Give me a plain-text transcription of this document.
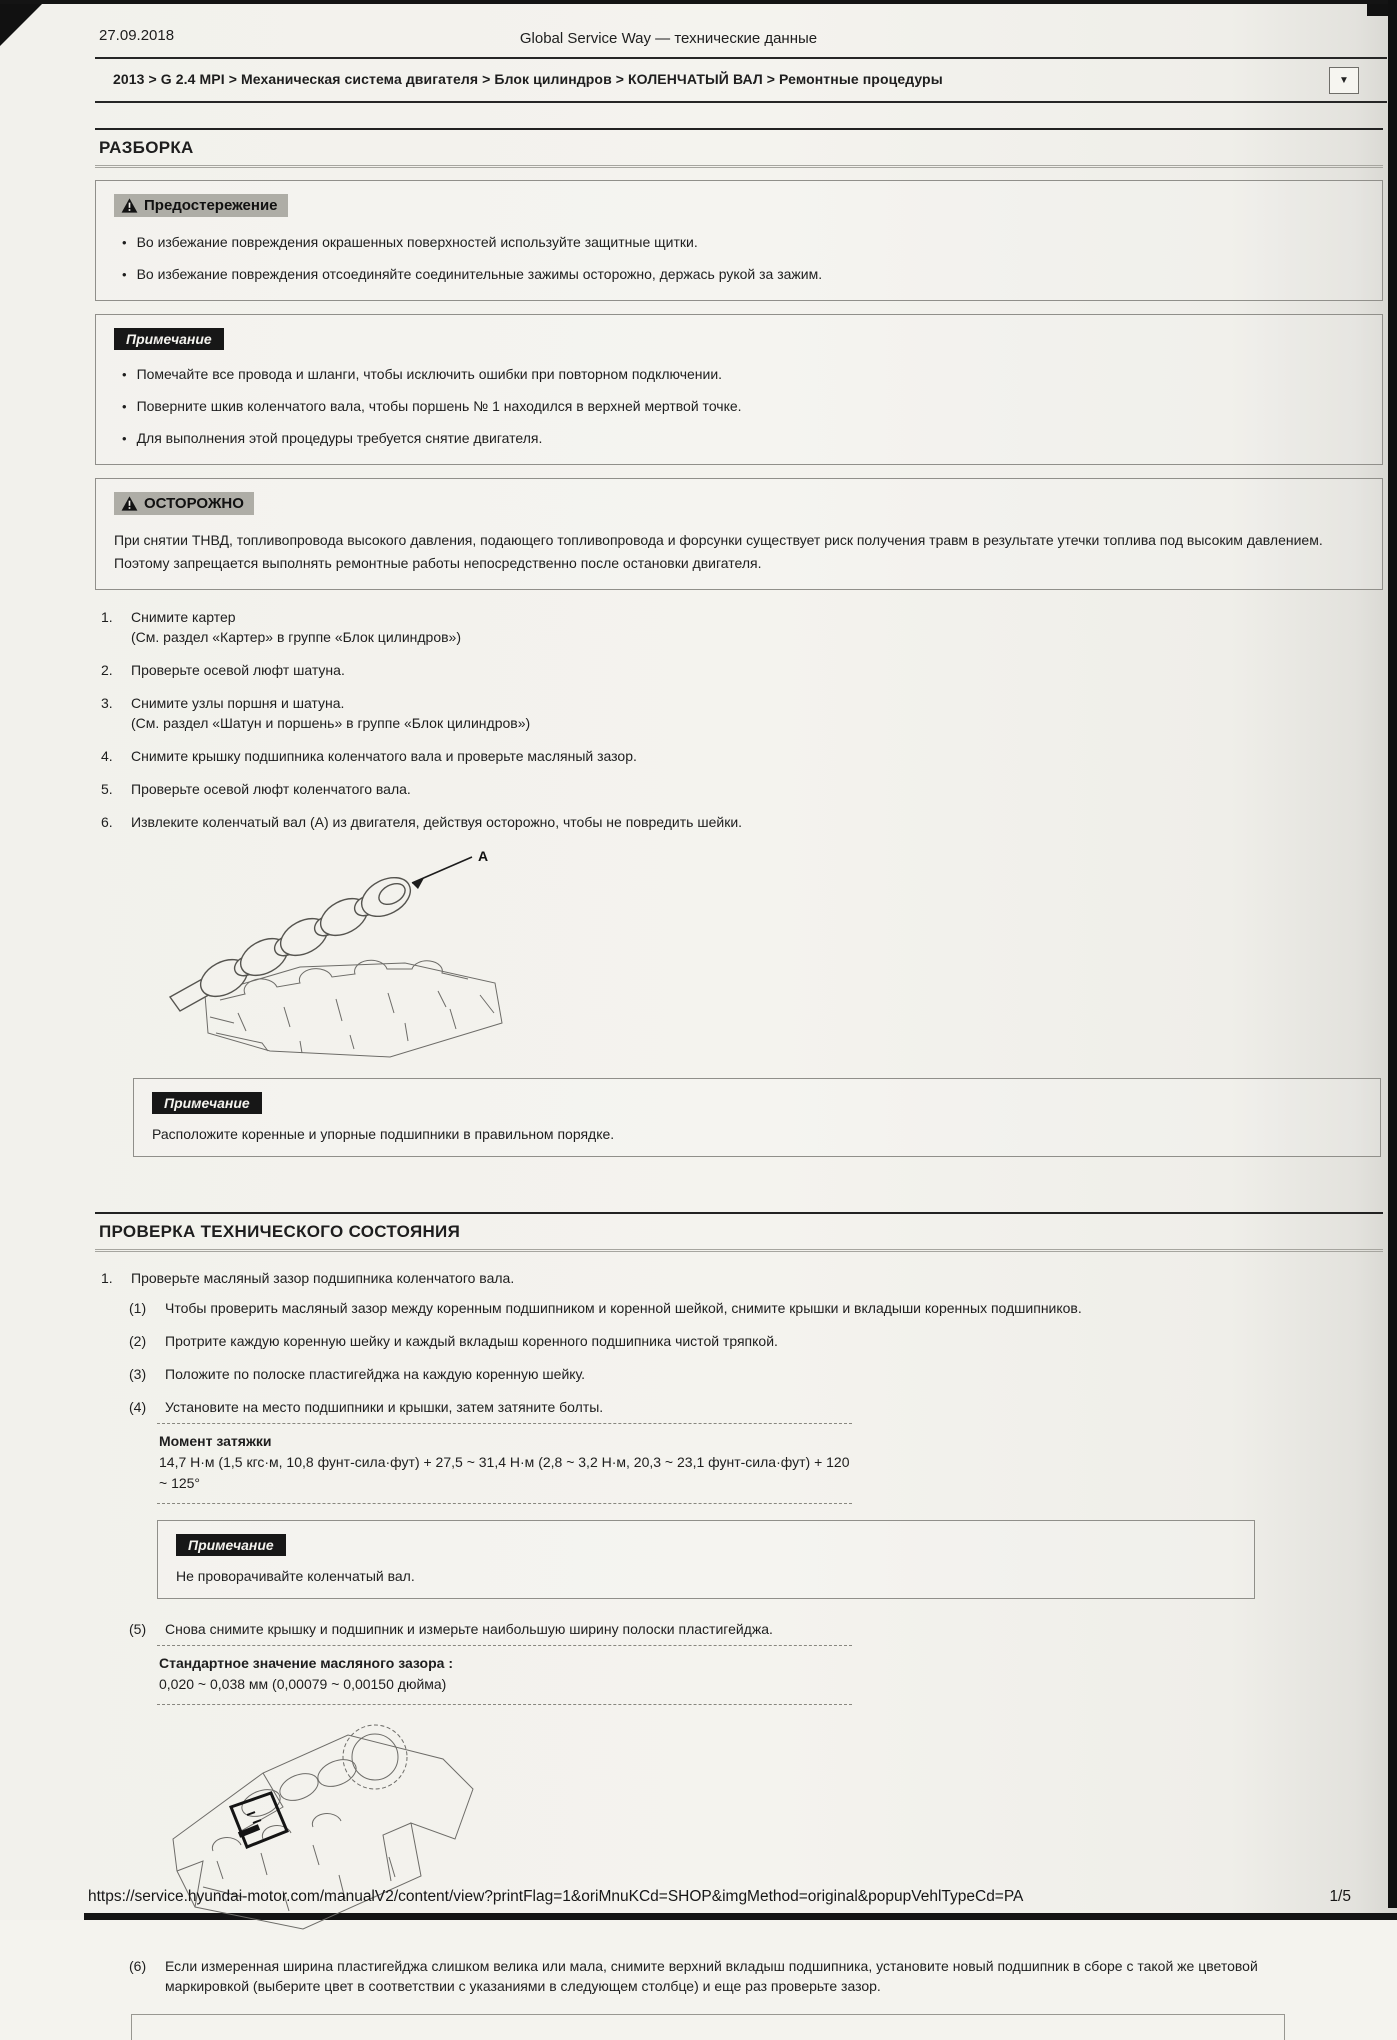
27.09.2018	Global Service Way — технические данные
2013 > G 2.4 MPI > Механическая система двигателя > Блок цилиндров > КОЛЕНЧАТЫЙ ВАЛ > Ремонтные процедуры	▼
РАЗБОРКА
Предостережение
• Во избежание повреждения окрашенных поверхностей используйте защитные щитки.
• Во избежание повреждения отсоединяйте соединительные зажимы осторожно, держась рукой за зажим.
Примечание
• Помечайте все провода и шланги, чтобы исключить ошибки при повторном подключении.
• Поверните шкив коленчатого вала, чтобы поршень № 1 находился в верхней мертвой точке.
• Для выполнения этой процедуры требуется снятие двигателя.
ОСТОРОЖНО
При снятии ТНВД, топливопровода высокого давления, подающего топливопровода и форсунки существует риск получения травм в результате утечки топлива под высоким давлением. Поэтому запрещается выполнять ремонтные работы непосредственно после остановки двигателя.
1.	Снимите картер
(См. раздел «Картер» в группе «Блок цилиндров»)
2.	Проверьте осевой люфт шатуна.
3.	Снимите узлы поршня и шатуна.
(См. раздел «Шатун и поршень» в группе «Блок цилиндров»)
4.	Снимите крышку подшипника коленчатого вала и проверьте масляный зазор.
5.	Проверьте осевой люфт коленчатого вала.
6.	Извлеките коленчатый вал (А) из двигателя, действуя осторожно, чтобы не повредить шейки.
A
Примечание
Расположите коренные и упорные подшипники в правильном порядке.
ПРОВЕРКА ТЕХНИЧЕСКОГО СОСТОЯНИЯ
1.	Проверьте масляный зазор подшипника коленчатого вала.
(1)	Чтобы проверить масляный зазор между коренным подшипником и коренной шейкой, снимите крышки и вкладыши коренных подшипников.
(2)	Протрите каждую коренную шейку и каждый вкладыш коренного подшипника чистой тряпкой.
(3)	Положите по полоске пластигейджа на каждую коренную шейку.
(4)	Установите на место подшипники и крышки, затем затяните болты.
Момент затяжки
14,7 Н·м (1,5 кгс·м, 10,8 фунт-сила·фут) + 27,5 ~ 31,4 Н·м (2,8 ~ 3,2 Н·м, 20,3 ~ 23,1 фунт-сила·фут) + 120 ~ 125°
Примечание
Не проворачивайте коленчатый вал.
(5)	Снова снимите крышку и подшипник и измерьте наибольшую ширину полоски пластигейджа.
Стандартное значение масляного зазора :
0,020 ~ 0,038 мм (0,00079 ~ 0,00150 дюйма)
(6)	Если измеренная ширина пластигейджа слишком велика или мала, снимите верхний вкладыш подшипника, установите новый подшипник в сборе с такой же цветовой маркировкой (выберите цвет в соответствии с указаниями в следующем столбце) и еще раз проверьте зазор.
https://service.hyundai-motor.com/manualV2/content/view?printFlag=1&oriMnuKCd=SHOP&imgMethod=original&popupVehlTypeCd=PA	1/5
